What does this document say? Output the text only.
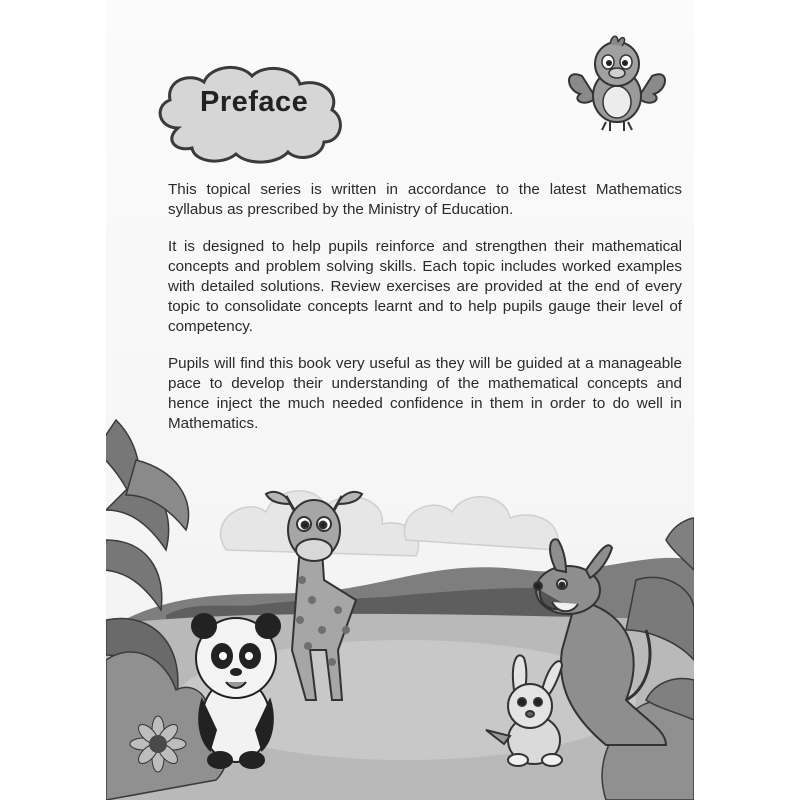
Preface

This topical series is written in accordance to the latest Mathematics syllabus as prescribed by the Ministry of Education.

It is designed to help pupils reinforce and strengthen their mathematical concepts and problem solving skills. Each topic includes worked examples with detailed solutions. Review exercises are provided at the end of every topic to consolidate concepts learnt and to help pupils gauge their level of competency.

Pupils will find this book very useful as they will be guided at a manageable pace to develop their understanding of the mathematical concepts and hence inject the much needed confidence in them in order to do well in Mathematics.
